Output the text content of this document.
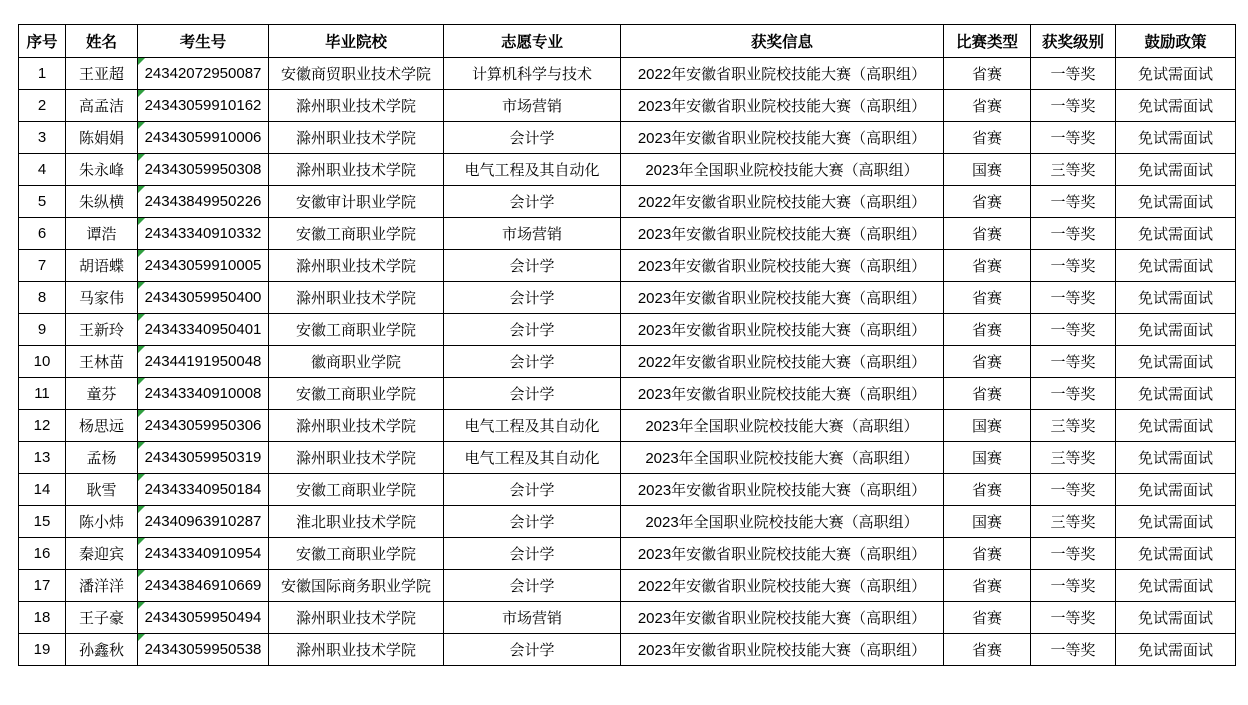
序号	姓名	考生号	毕业院校	志愿专业	获奖信息	比赛类型	获奖级别	鼓励政策
1	王亚超	24342072950087	安徽商贸职业技术学院	计算机科学与技术	2022年安徽省职业院校技能大赛（高职组）	省赛	一等奖	免试需面试
2	高孟洁	24343059910162	滁州职业技术学院	市场营销	2023年安徽省职业院校技能大赛（高职组）	省赛	一等奖	免试需面试
3	陈娟娟	24343059910006	滁州职业技术学院	会计学	2023年安徽省职业院校技能大赛（高职组）	省赛	一等奖	免试需面试
4	朱永峰	24343059950308	滁州职业技术学院	电气工程及其自动化	2023年全国职业院校技能大赛（高职组）	国赛	三等奖	免试需面试
5	朱纵横	24343849950226	安徽审计职业学院	会计学	2022年安徽省职业院校技能大赛（高职组）	省赛	一等奖	免试需面试
6	谭浩	24343340910332	安徽工商职业学院	市场营销	2023年安徽省职业院校技能大赛（高职组）	省赛	一等奖	免试需面试
7	胡语蝶	24343059910005	滁州职业技术学院	会计学	2023年安徽省职业院校技能大赛（高职组）	省赛	一等奖	免试需面试
8	马家伟	24343059950400	滁州职业技术学院	会计学	2023年安徽省职业院校技能大赛（高职组）	省赛	一等奖	免试需面试
9	王新玲	24343340950401	安徽工商职业学院	会计学	2023年安徽省职业院校技能大赛（高职组）	省赛	一等奖	免试需面试
10	王林苗	24344191950048	徽商职业学院	会计学	2022年安徽省职业院校技能大赛（高职组）	省赛	一等奖	免试需面试
11	童芬	24343340910008	安徽工商职业学院	会计学	2023年安徽省职业院校技能大赛（高职组）	省赛	一等奖	免试需面试
12	杨思远	24343059950306	滁州职业技术学院	电气工程及其自动化	2023年全国职业院校技能大赛（高职组）	国赛	三等奖	免试需面试
13	孟杨	24343059950319	滁州职业技术学院	电气工程及其自动化	2023年全国职业院校技能大赛（高职组）	国赛	三等奖	免试需面试
14	耿雪	24343340950184	安徽工商职业学院	会计学	2023年安徽省职业院校技能大赛（高职组）	省赛	一等奖	免试需面试
15	陈小炜	24340963910287	淮北职业技术学院	会计学	2023年全国职业院校技能大赛（高职组）	国赛	三等奖	免试需面试
16	秦迎宾	24343340910954	安徽工商职业学院	会计学	2023年安徽省职业院校技能大赛（高职组）	省赛	一等奖	免试需面试
17	潘洋洋	24343846910669	安徽国际商务职业学院	会计学	2022年安徽省职业院校技能大赛（高职组）	省赛	一等奖	免试需面试
18	王子豪	24343059950494	滁州职业技术学院	市场营销	2023年安徽省职业院校技能大赛（高职组）	省赛	一等奖	免试需面试
19	孙鑫秋	24343059950538	滁州职业技术学院	会计学	2023年安徽省职业院校技能大赛（高职组）	省赛	一等奖	免试需面试
